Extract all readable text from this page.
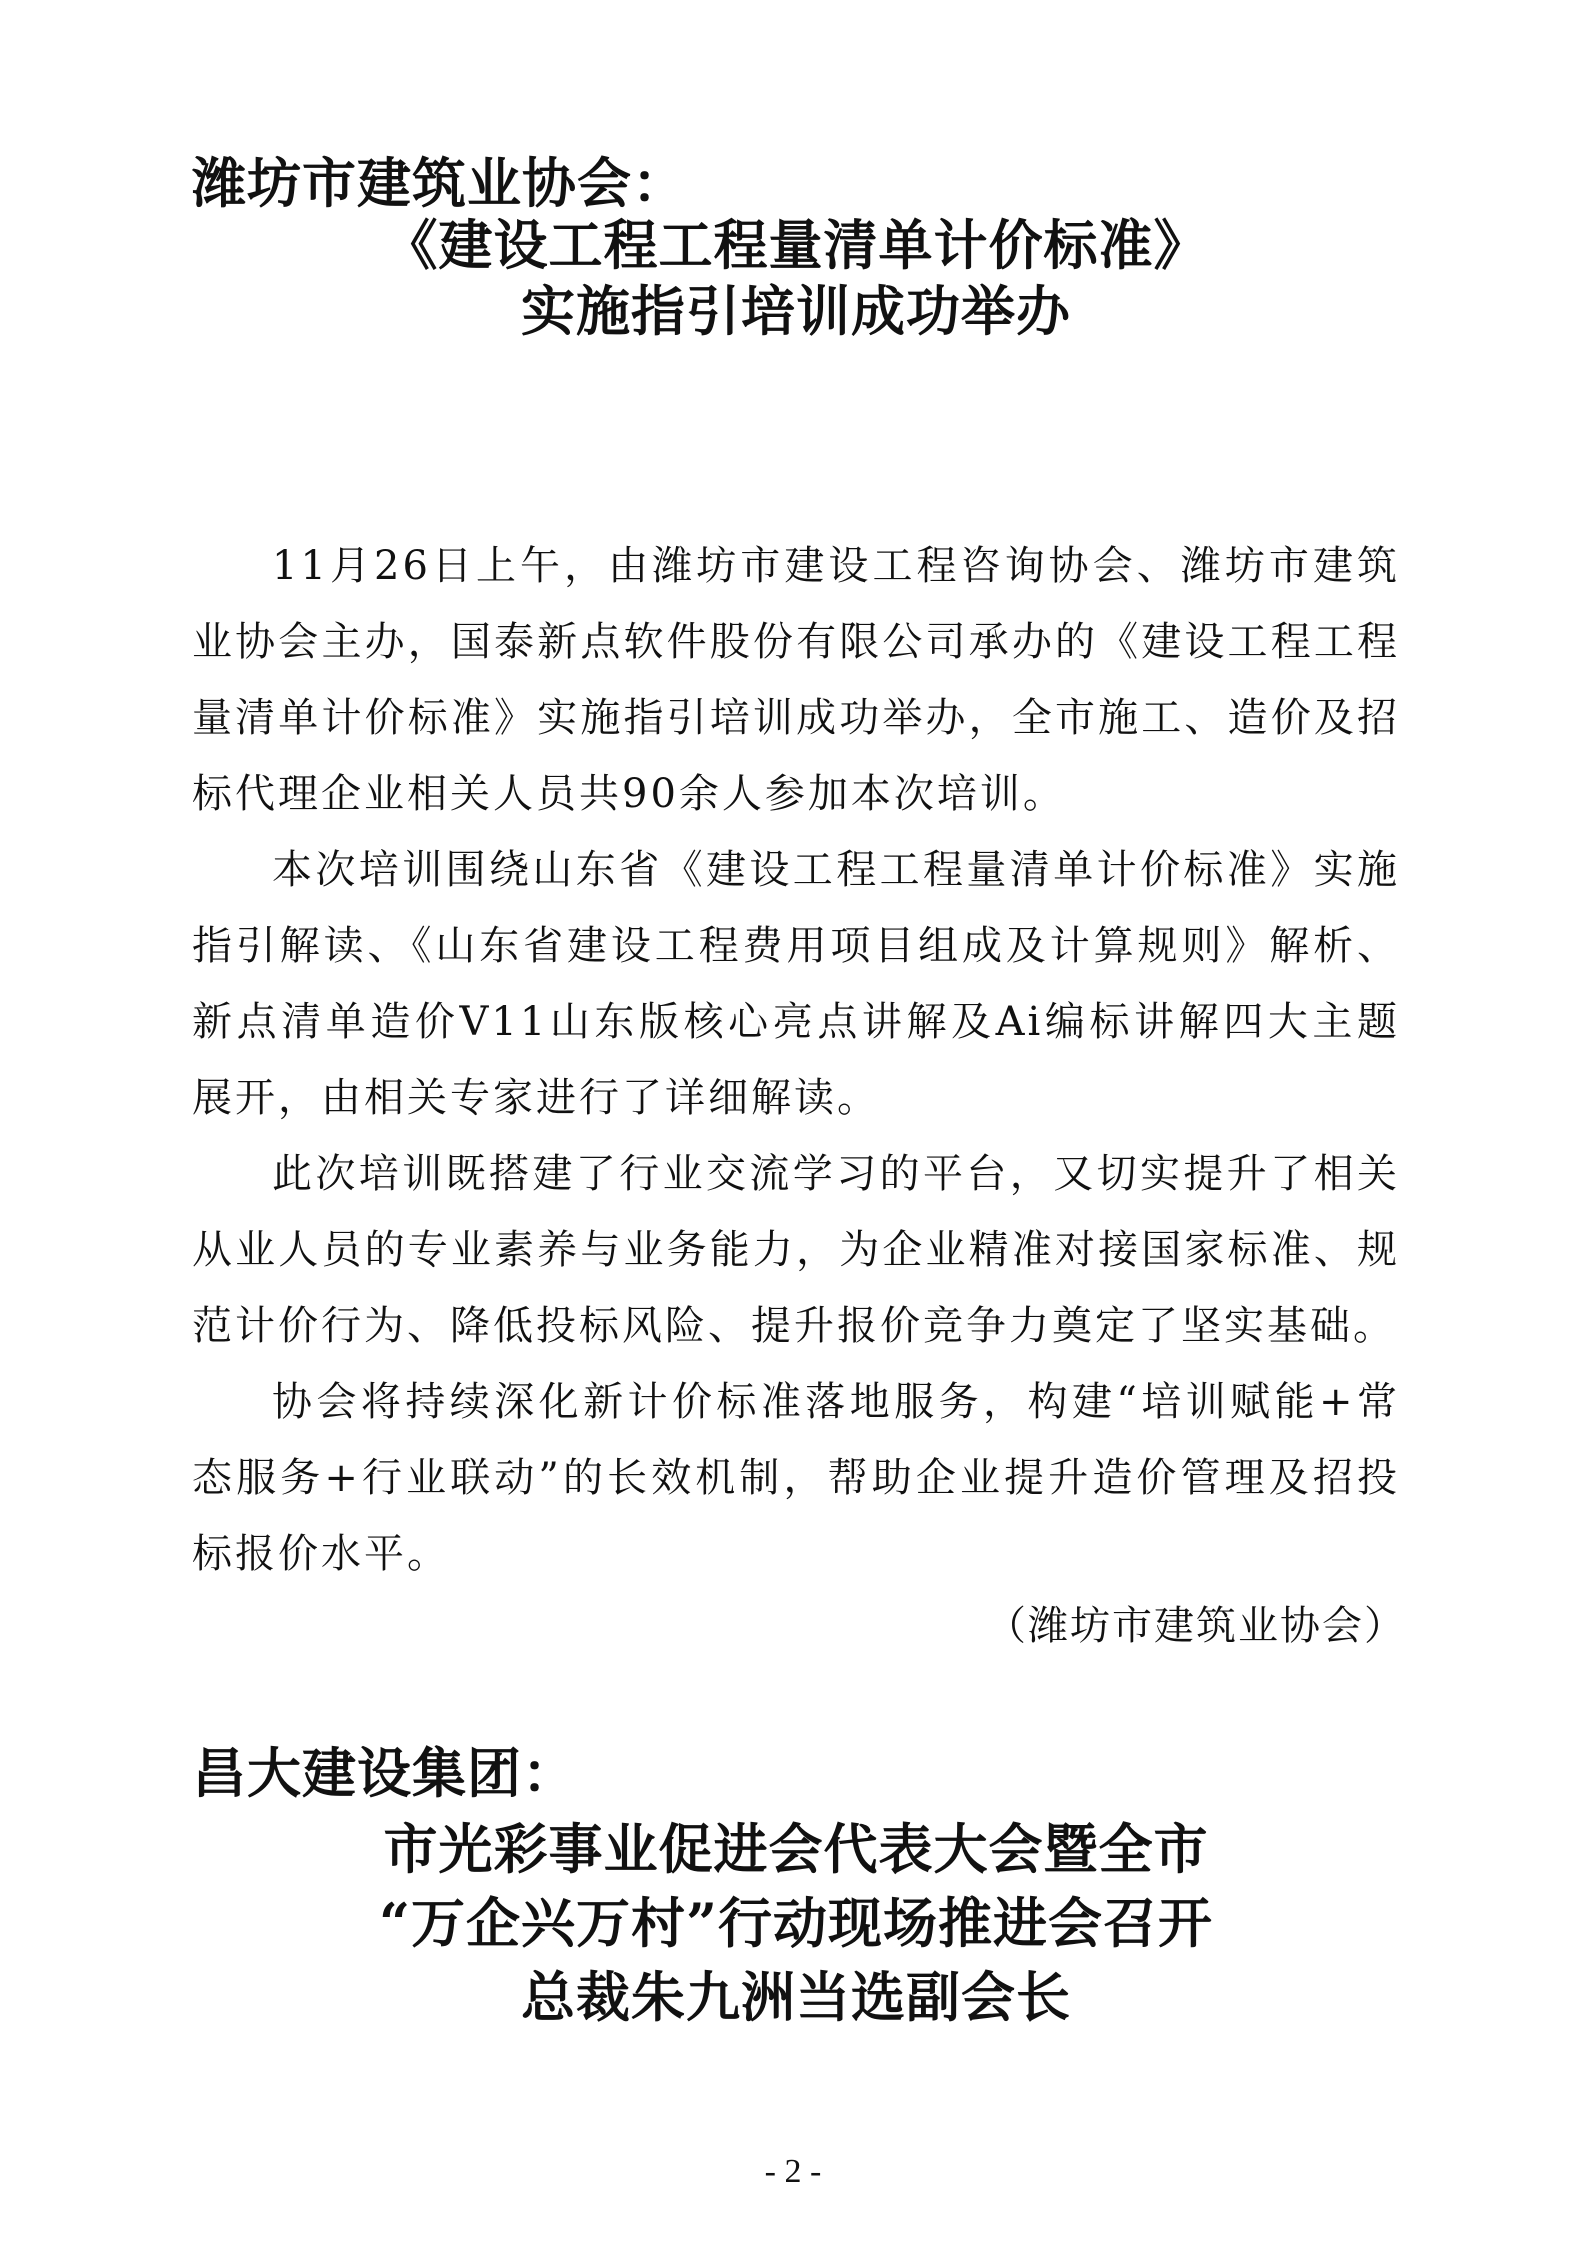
潍坊市建筑业协会：
《建设工程工程量清单计价标准》
实施指引培训成功举办

11月26日上午，由潍坊市建设工程咨询协会、潍坊市建筑业协会主办，国泰新点软件股份有限公司承办的《建设工程工程量清单计价标准》实施指引培训成功举办，全市施工、造价及招标代理企业相关人员共90余人参加本次培训。

本次培训围绕山东省《建设工程工程量清单计价标准》实施指引解读、《山东省建设工程费用项目组成及计算规则》解析、新点清单造价V11山东版核心亮点讲解及Ai编标讲解四大主题展开，由相关专家进行了详细解读。

此次培训既搭建了行业交流学习的平台，又切实提升了相关从业人员的专业素养与业务能力，为企业精准对接国家标准、规范计价行为、降低投标风险、提升报价竞争力奠定了坚实基础。

协会将持续深化新计价标准落地服务，构建“培训赋能+常态服务+行业联动”的长效机制，帮助企业提升造价管理及招投标报价水平。

（潍坊市建筑业协会）
昌大建设集团：
市光彩事业促进会代表大会暨全市
“万企兴万村”行动现场推进会召开
总裁朱九洲当选副会长
- 2 -
